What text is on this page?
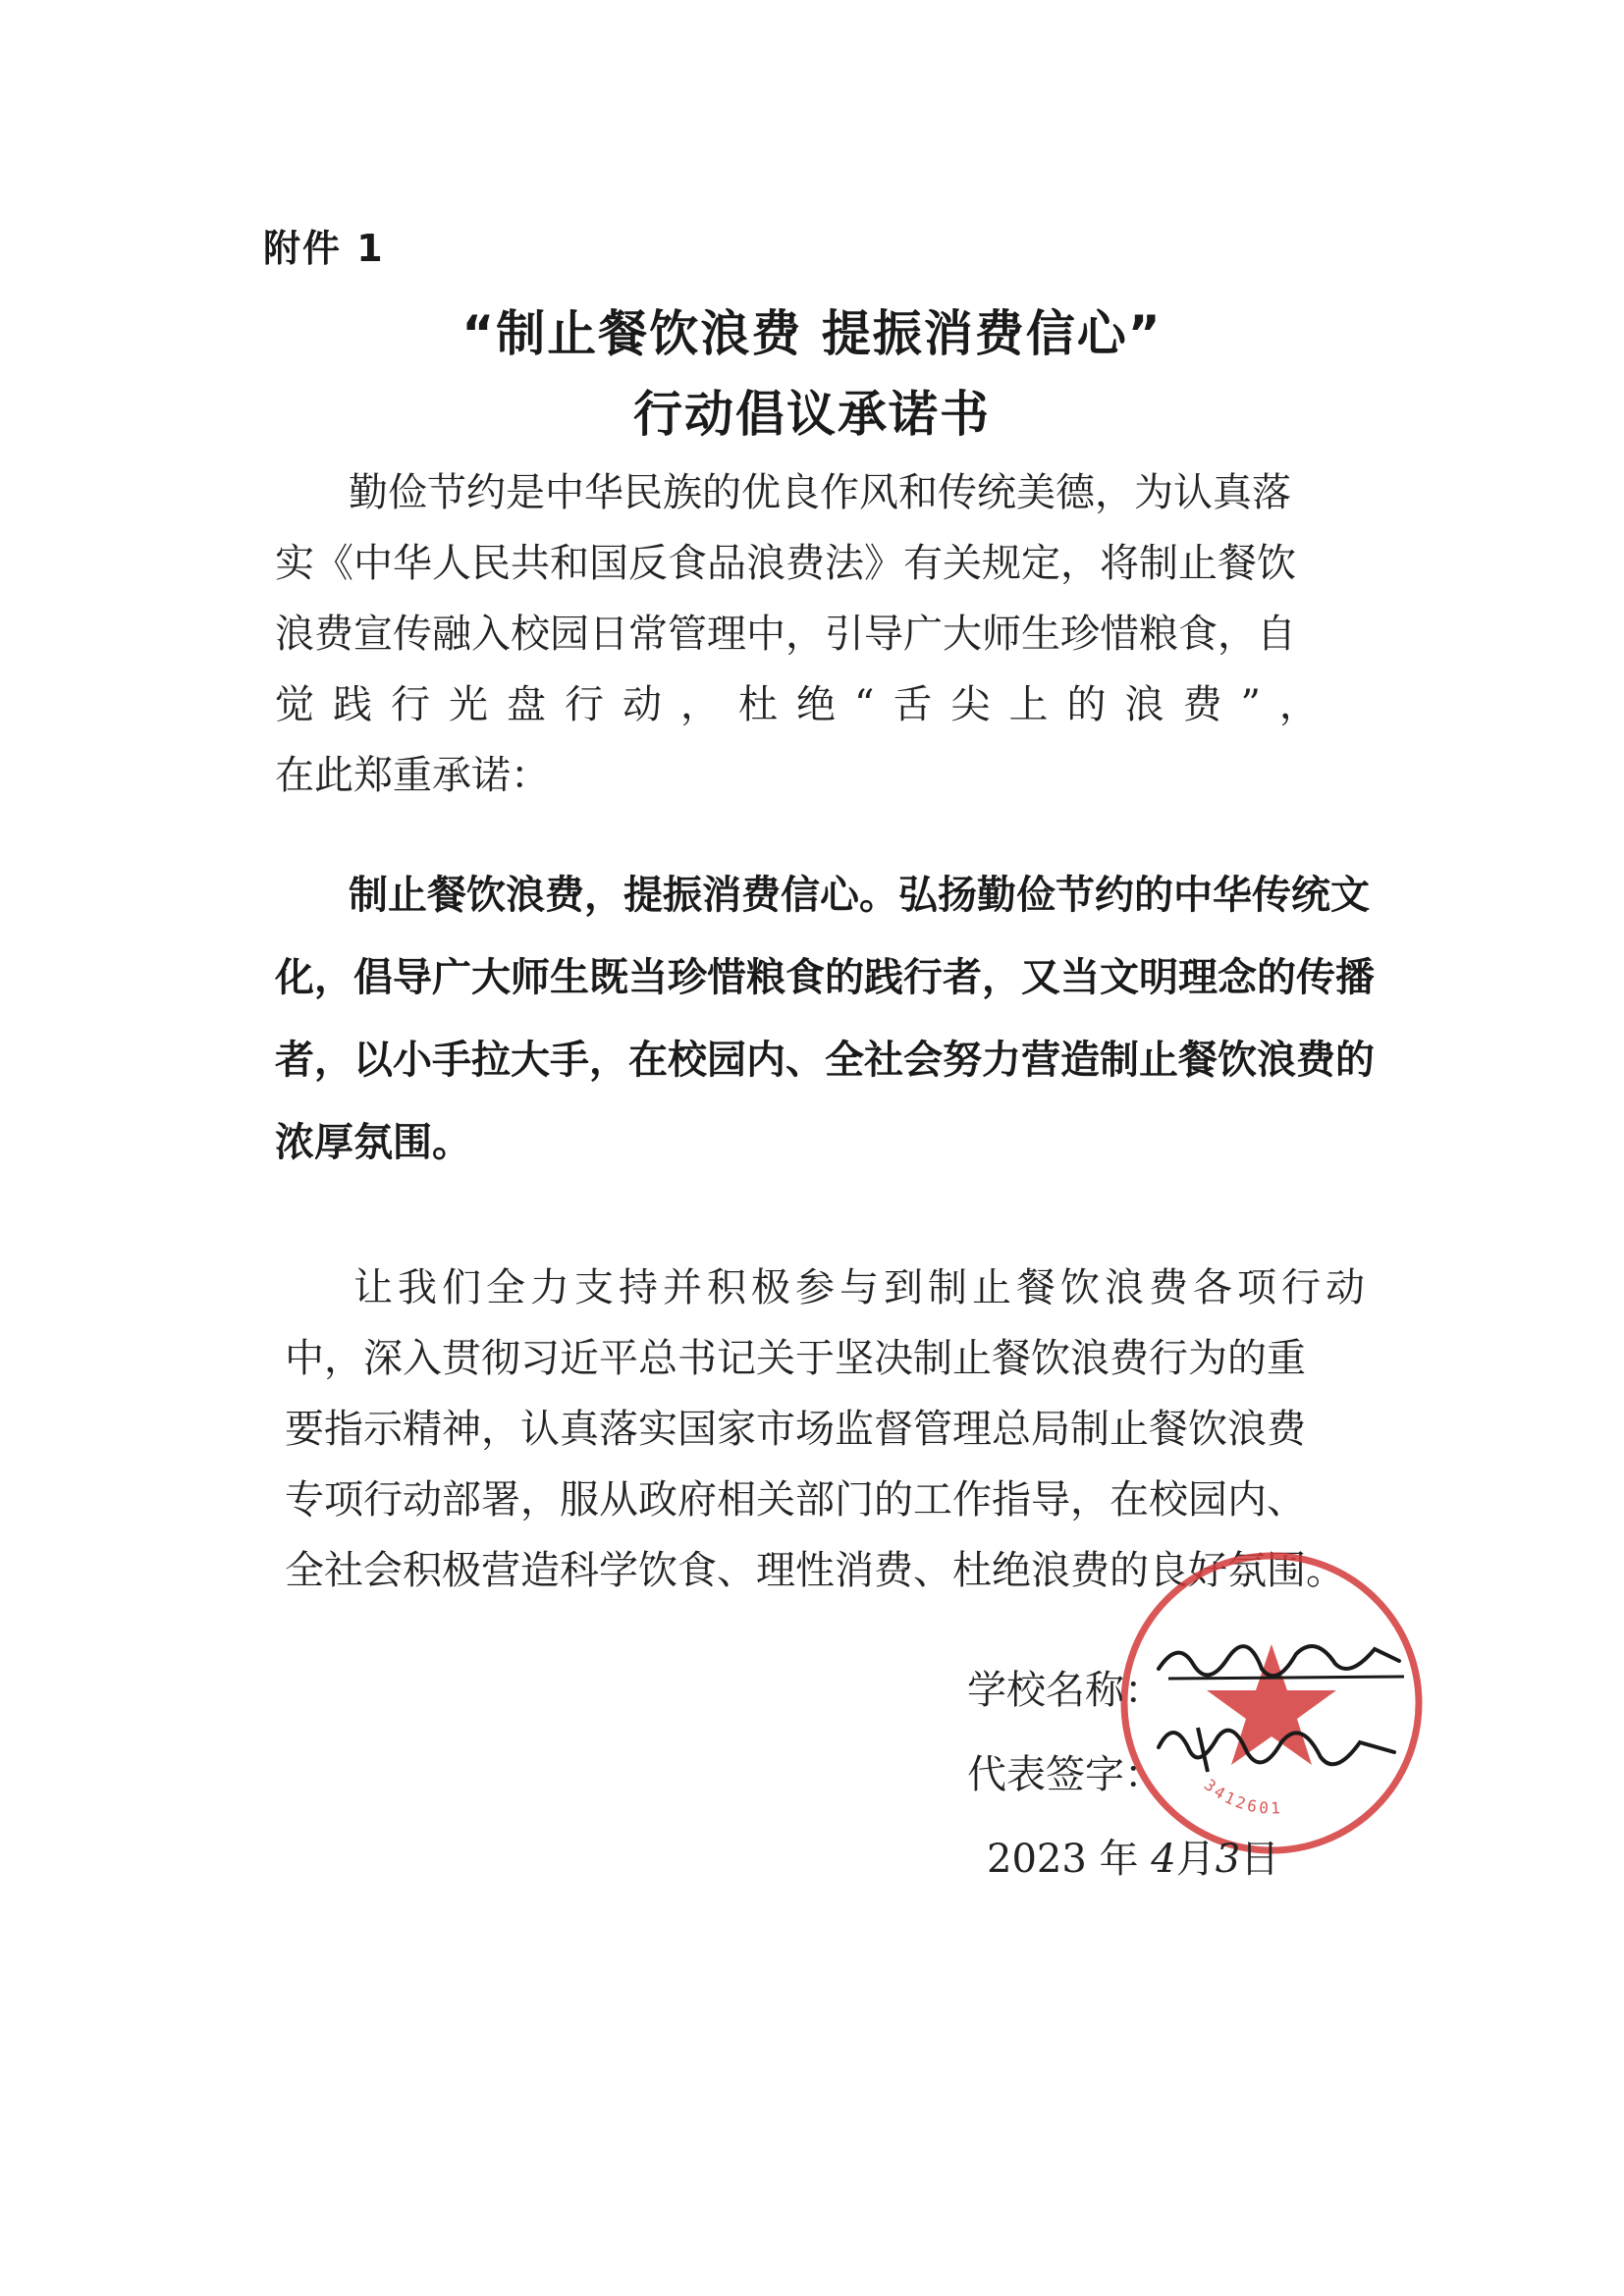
附件 1
“制止餐饮浪费 提振消费信心”
行动倡议承诺书
勤俭节约是中华民族的优良作风和传统美德，为认真落
实《中华人民共和国反食品浪费法》有关规定，将制止餐饮
浪费宣传融入校园日常管理中，引导广大师生珍惜粮食，自
觉践行光盘行动，杜绝“舌尖上的浪费”，
在此郑重承诺：
制止餐饮浪费，提振消费信心。弘扬勤俭节约的中华传统文
化，倡导广大师生既当珍惜粮食的践行者，又当文明理念的传播
者，以小手拉大手，在校园内、全社会努力营造制止餐饮浪费的
浓厚氛围。
让我们全力支持并积极参与到制止餐饮浪费各项行动
中，深入贯彻习近平总书记关于坚决制止餐饮浪费行为的重
要指示精神，认真落实国家市场监督管理总局制止餐饮浪费
专项行动部署，服从政府相关部门的工作指导，在校园内、
全社会积极营造科学饮食、理性消费、杜绝浪费的良好氛围。
3412601
学校名称：
代表签字：
2023 年 4月3日
